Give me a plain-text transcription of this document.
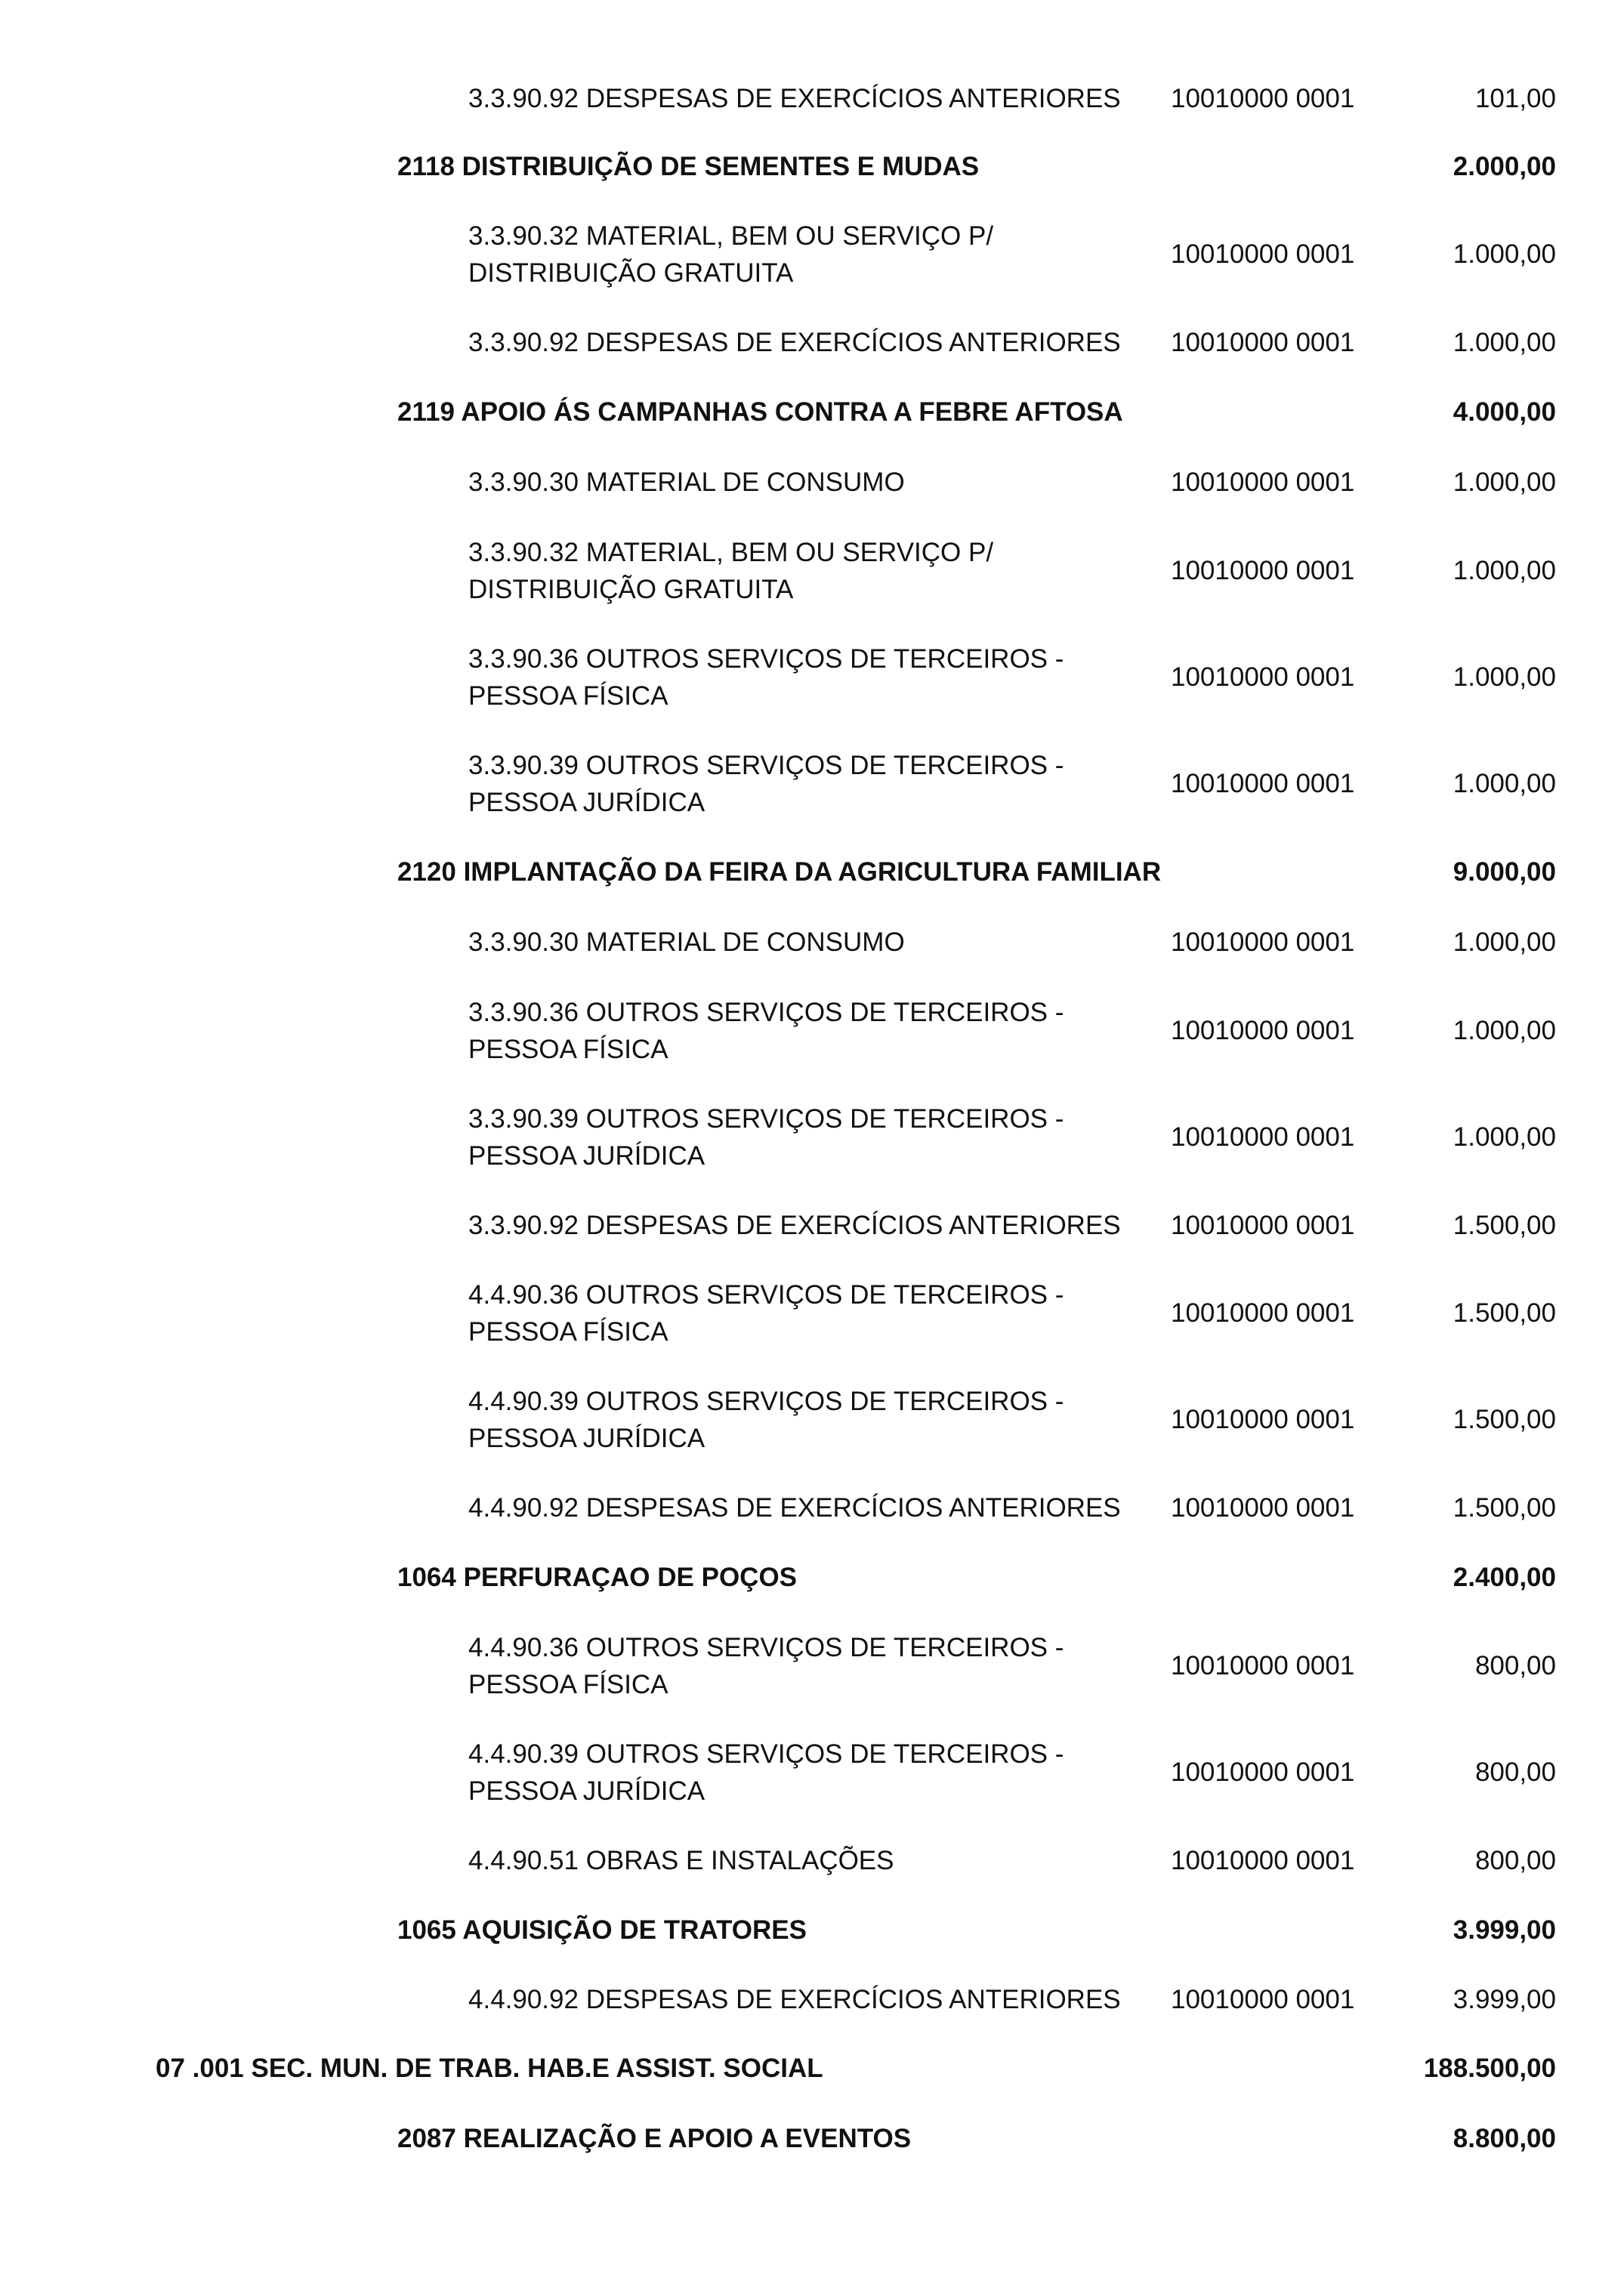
3.3.90.92 DESPESAS DE EXERCÍCIOS ANTERIORES	10010000 0001	101,00
2118 DISTRIBUIÇÃO DE SEMENTES E MUDAS	2.000,00
3.3.90.32 MATERIAL, BEM OU SERVIÇO P/ DISTRIBUIÇÃO GRATUITA
10010000 0001	1.000,00
3.3.90.92 DESPESAS DE EXERCÍCIOS ANTERIORES	10010000 0001	1.000,00
2119 APOIO ÁS CAMPANHAS CONTRA A FEBRE AFTOSA	4.000,00
3.3.90.30 MATERIAL DE CONSUMO	10010000 0001	1.000,00
3.3.90.32 MATERIAL, BEM OU SERVIÇO P/ DISTRIBUIÇÃO GRATUITA
10010000 0001	1.000,00
3.3.90.36 OUTROS SERVIÇOS DE TERCEIROS - PESSOA FÍSICA
10010000 0001	1.000,00
3.3.90.39 OUTROS SERVIÇOS DE TERCEIROS - PESSOA JURÍDICA
10010000 0001	1.000,00
2120 IMPLANTAÇÃO DA FEIRA DA AGRICULTURA FAMILIAR	9.000,00
3.3.90.30 MATERIAL DE CONSUMO	10010000 0001	1.000,00
3.3.90.36 OUTROS SERVIÇOS DE TERCEIROS - PESSOA FÍSICA
10010000 0001	1.000,00
3.3.90.39 OUTROS SERVIÇOS DE TERCEIROS - PESSOA JURÍDICA
10010000 0001	1.000,00
3.3.90.92 DESPESAS DE EXERCÍCIOS ANTERIORES	10010000 0001	1.500,00
4.4.90.36 OUTROS SERVIÇOS DE TERCEIROS - PESSOA FÍSICA
10010000 0001	1.500,00
4.4.90.39 OUTROS SERVIÇOS DE TERCEIROS - PESSOA JURÍDICA
10010000 0001	1.500,00
4.4.90.92 DESPESAS DE EXERCÍCIOS ANTERIORES	10010000 0001	1.500,00
1064 PERFURAÇAO DE POÇOS	2.400,00
4.4.90.36 OUTROS SERVIÇOS DE TERCEIROS - PESSOA FÍSICA
10010000 0001	800,00
4.4.90.39 OUTROS SERVIÇOS DE TERCEIROS - PESSOA JURÍDICA
10010000 0001	800,00
4.4.90.51 OBRAS E INSTALAÇÕES	10010000 0001	800,00
1065 AQUISIÇÃO DE TRATORES	3.999,00
4.4.90.92 DESPESAS DE EXERCÍCIOS ANTERIORES	10010000 0001	3.999,00
07 .001 SEC. MUN. DE TRAB. HAB.E ASSIST. SOCIAL	188.500,00
2087 REALIZAÇÃO E APOIO A EVENTOS	8.800,00
